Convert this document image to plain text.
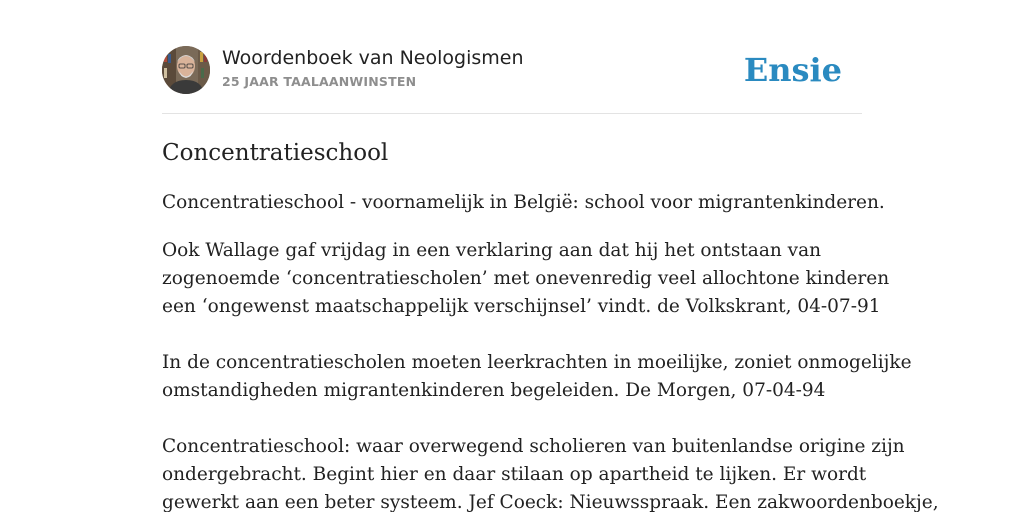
Woordenboek van Neologismen
25 JAAR TAALAANWINSTEN	Ensie
Concentratieschool

Concentratieschool - voornamelijk in België: school voor migrantenkinderen.

Ook Wallage gaf vrijdag in een verklaring aan dat hij het ontstaan van
zogenoemde ‘concentratiescholen’ met onevenredig veel allochtone kinderen
een ‘ongewenst maatschappelijk verschijnsel’ vindt. de Volkskrant, 04-07-91
In de concentratiescholen moeten leerkrachten in moeilijke, zoniet onmogelijke
omstandigheden migrantenkinderen begeleiden. De Morgen, 07-04-94
Concentratieschool: waar overwegend scholieren van buitenlandse origine zijn
ondergebracht. Begint hier en daar stilaan op apartheid te lijken. Er wordt
gewerkt aan een beter systeem. Jef Coeck: Nieuwsspraak. Een zakwoordenboekje,
